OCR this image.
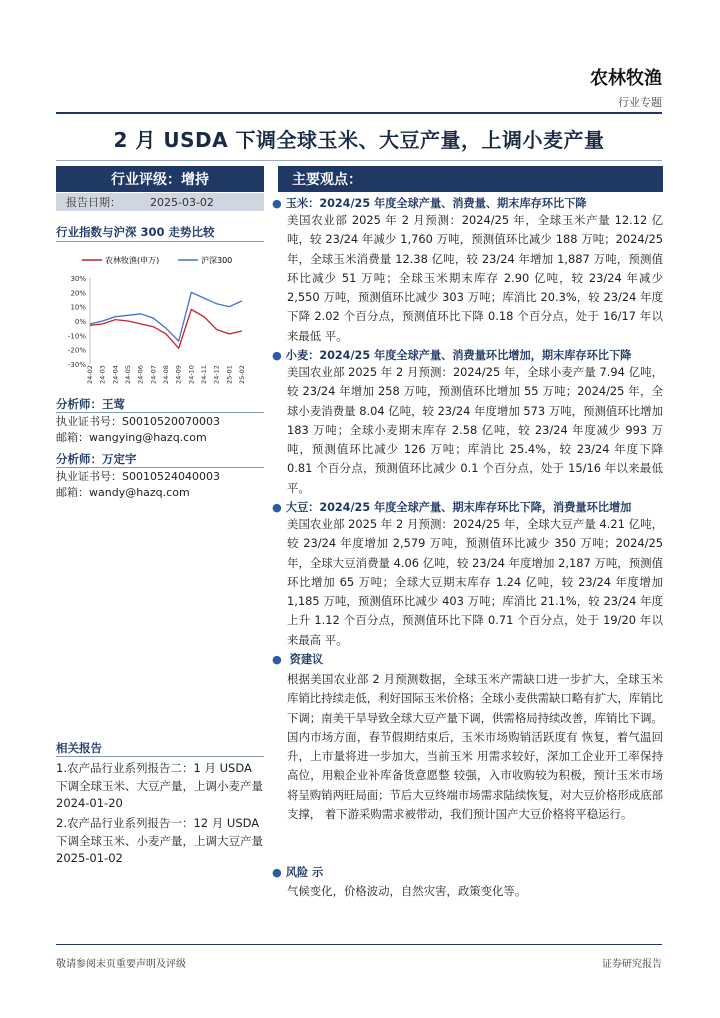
农林牧渔
行业专题
2 月 USDA 下调全球玉米、大豆产量，上调小麦产量
行业评级：增持
报告日期：	2025-03-02
行业指数与沪深 300 走势比较
农林牧渔(申万)	沪深300
30%
20%
10%
0%
-10%
-20%
-30%
24-02 24-03 24-04 24-05 24-06 24-07 24-08 24-09 24-10 24-11 24-12 25-01 25-02
分析师：王莺
执业证书号：S0010520070003
邮箱：wangying@hazq.com
分析师：万定宇
执业证书号：S0010524040003
邮箱：wandy@hazq.com
相关报告
1.农产品行业系列报告二：1 月 USDA 下调全球玉米、大豆产量，上调小麦产量 2024-01-20
2.农产品行业系列报告一：12 月 USDA 下调全球玉米、小麦产量，上调大豆产量 2025-01-02
主要观点：
● 玉米：2024/25 年度全球产量、消费量、期末库存环比下降

美国农业部 2025 年 2 月预测：2024/25 年，全球玉米产量 12.12 亿吨，较 23/24 年减少 1,760 万吨，预测值环比减少 188 万吨；2024/25 年，全球玉米消费量 12.38 亿吨，较 23/24 年增加 1,887 万吨，预测值环比减少 51 万吨；全球玉米期末库存 2.90 亿吨，较 23/24 年减少 2,550 万吨，预测值环比减少 303 万吨；库消比 20.3%，较 23/24 年度下降 2.02 个百分点，预测值环比下降 0.18 个百分点，处于 16/17 年以来最低 平。

● 小麦：2024/25 年度全球产量、消费量环比增加，期末库存环比下降

美国农业部 2025 年 2 月预测：2024/25 年，全球小麦产量 7.94 亿吨，较 23/24 年增加 258 万吨，预测值环比增加 55 万吨；2024/25 年，全球小麦消费量 8.04 亿吨，较 23/24 年度增加 573 万吨，预测值环比增加 183 万吨；全球小麦期末库存 2.58 亿吨，较 23/24 年度减少 993 万吨，预测值环比减少 126 万吨；库消比 25.4%，较 23/24 年度下降 0.81 个百分点，预测值环比减少 0.1 个百分点，处于 15/16 年以来最低 平。

● 大豆：2024/25 年度全球产量、期末库存环比下降，消费量环比增加

美国农业部 2025 年 2 月预测：2024/25 年，全球大豆产量 4.21 亿吨，较 23/24 年度增加 2,579 万吨，预测值环比减少 350 万吨；2024/25 年，全球大豆消费量 4.06 亿吨，较 23/24 年度增加 2,187 万吨，预测值环比增加 65 万吨；全球大豆期末库存 1.24 亿吨，较 23/24 年度增加 1,185 万吨，预测值环比减少 403 万吨；库消比 21.1%，较 23/24 年度上升 1.12 个百分点，预测值环比下降 0.71 个百分点，处于 19/20 年以来最高 平。

● 资建议

根据美国农业部 2 月预测数据，全球玉米产需缺口进一步扩大，全球玉米库销比持续走低，利好国际玉米价格；全球小麦供需缺口略有扩大，库销比下调；南美干旱导致全球大豆产量下调，供需格局持续改善，库销比下调。

国内市场方面，春节假期结束后，玉米市场购销活跃度有 恢复，着气温回升，上市量将进一步加大，当前玉米 用需求较好，深加工企业开工率保持高位，用粮企业补库备货意愿整 较强，入市收购较为积极，预计玉米市场将呈购销两旺局面；节后大豆终端市场需求陆续恢复，对大豆价格形成底部支撑， 着下游采购需求被带动，我们预计国产大豆价格将平稳运行。

● 风险 示

气候变化，价格波动，自然灾害，政策变化等。

敬请参阅末页重要声明及评级	证券研究报告
